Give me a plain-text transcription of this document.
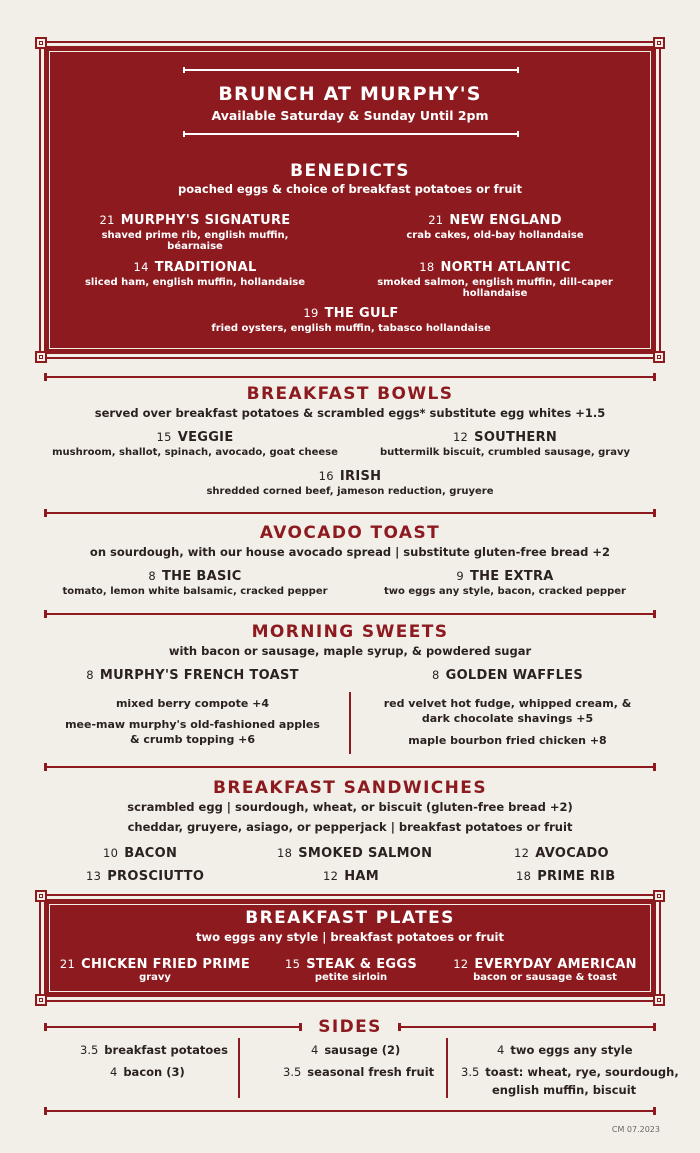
BRUNCH AT MURPHY'S
Available Saturday & Sunday Until 2pm
BENEDICTS
poached eggs & choice of breakfast potatoes or fruit
21 MURPHY'S SIGNATURE
shaved prime rib, english muffin, béarnaise
21 NEW ENGLAND
crab cakes, old-bay hollandaise
14 TRADITIONAL
sliced ham, english muffin, hollandaise
18 NORTH ATLANTIC
smoked salmon, english muffin, dill-caper hollandaise
19 THE GULF
fried oysters, english muffin, tabasco hollandaise
BREAKFAST BOWLS
served over breakfast potatoes & scrambled eggs* substitute egg whites +1.5
15 VEGGIE
mushroom, shallot, spinach, avocado, goat cheese
12 SOUTHERN
buttermilk biscuit, crumbled sausage, gravy
16 IRISH
shredded corned beef, jameson reduction, gruyere
AVOCADO TOAST
on sourdough, with our house avocado spread | substitute gluten-free bread +2
8 THE BASIC
tomato, lemon white balsamic, cracked pepper
9 THE EXTRA
two eggs any style, bacon, cracked pepper
MORNING SWEETS
with bacon or sausage, maple syrup, & powdered sugar
8 MURPHY'S FRENCH TOAST	8 GOLDEN WAFFLES
mixed berry compote +4
mee-maw murphy's old-fashioned apples
& crumb topping +6
red velvet hot fudge, whipped cream, &
dark chocolate shavings +5
maple bourbon fried chicken +8
BREAKFAST SANDWICHES
scrambled egg | sourdough, wheat, or biscuit (gluten-free bread +2)
cheddar, gruyere, asiago, or pepperjack | breakfast potatoes or fruit
10 BACON	18 SMOKED SALMON	12 AVOCADO
13 PROSCIUTTO	12 HAM	18 PRIME RIB
BREAKFAST PLATES
two eggs any style | breakfast potatoes or fruit
21 CHICKEN FRIED PRIME
gravy
15 STEAK & EGGS
petite sirloin
12 EVERYDAY AMERICAN
bacon or sausage & toast
SIDES
3.5 breakfast potatoes
4 bacon (3)
4 sausage (2)
3.5 seasonal fresh fruit
4 two eggs any style
3.5 toast: wheat, rye, sourdough,
english muffin, biscuit
CM 07.2023
